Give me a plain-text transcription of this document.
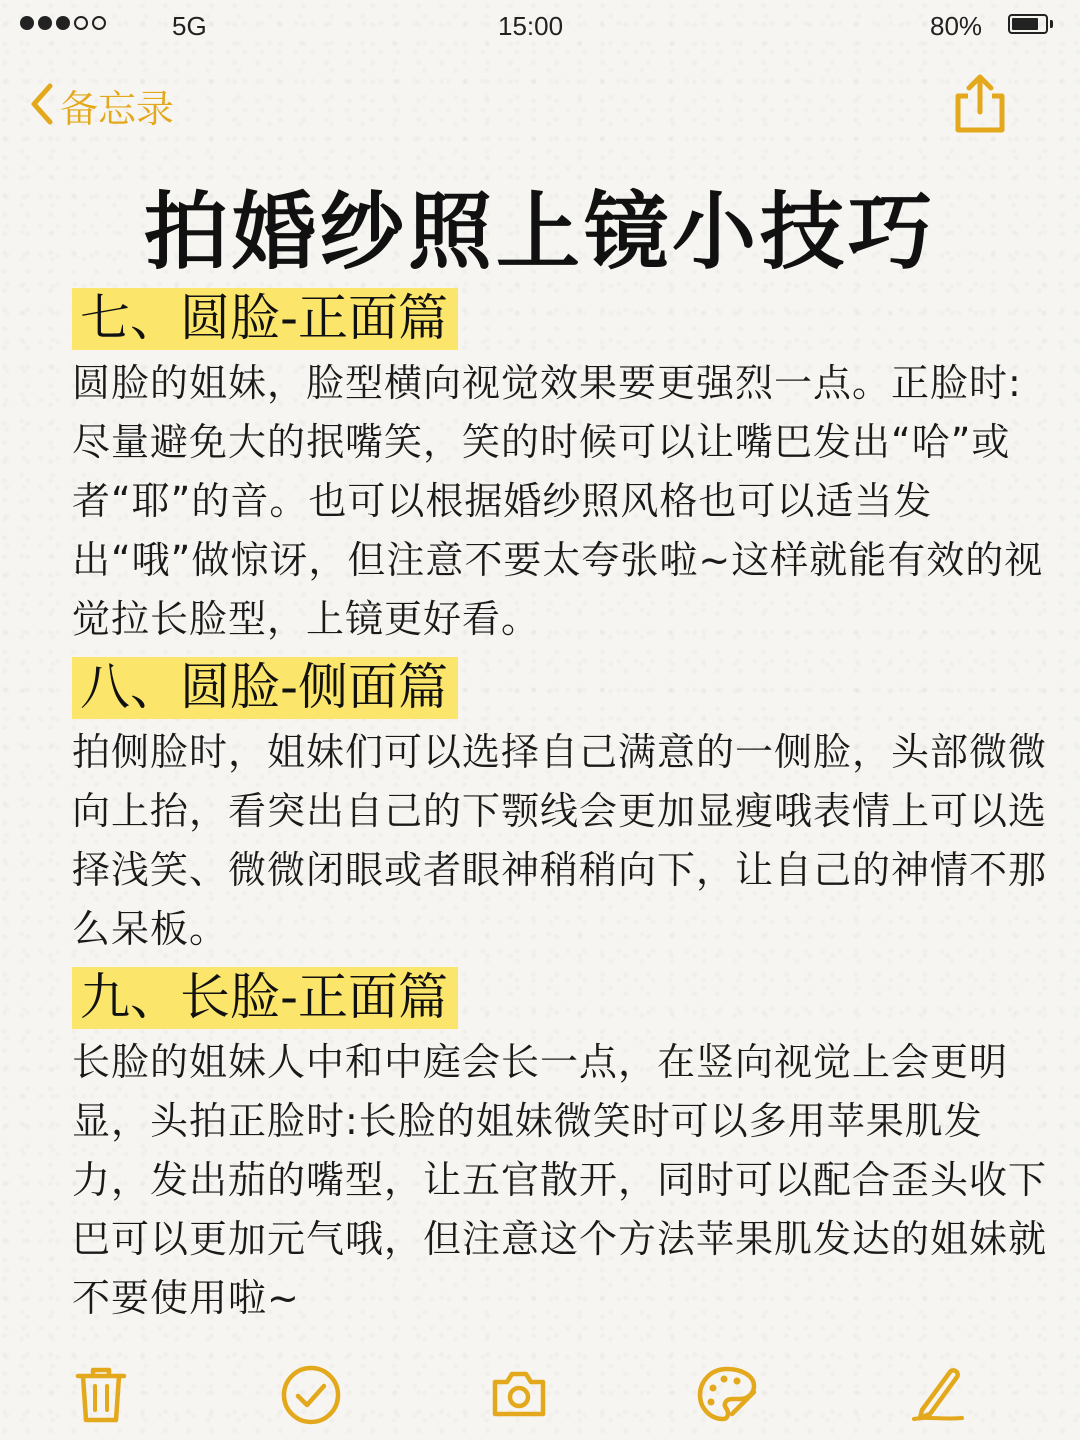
5G	15:00	80%
备忘录
拍婚纱照上镜小技巧
七、圆脸-正面篇

圆脸的姐妹，脸型横向视觉效果要更强烈一点。正脸时:尽量避免大的抿嘴笑，笑的时候可以让嘴巴发出“哈”或者“耶”的音。也可以根据婚纱照风格也可以适当发出“哦”做惊讶，但注意不要太夸张啦~这样就能有效的视觉拉长脸型，上镜更好看。

八、圆脸-侧面篇

拍侧脸时，姐妹们可以选择自己满意的一侧脸，头部微微向上抬，看突出自己的下颚线会更加显瘦哦表情上可以选择浅笑、微微闭眼或者眼神稍稍向下，让自己的神情不那么呆板。

九、长脸-正面篇

长脸的姐妹人中和中庭会长一点，在竖向视觉上会更明显，头拍正脸时:长脸的姐妹微笑时可以多用苹果肌发力，发出茄的嘴型，让五官散开，同时可以配合歪头收下巴可以更加元气哦，但注意这个方法苹果肌发达的姐妹就不要使用啦~
